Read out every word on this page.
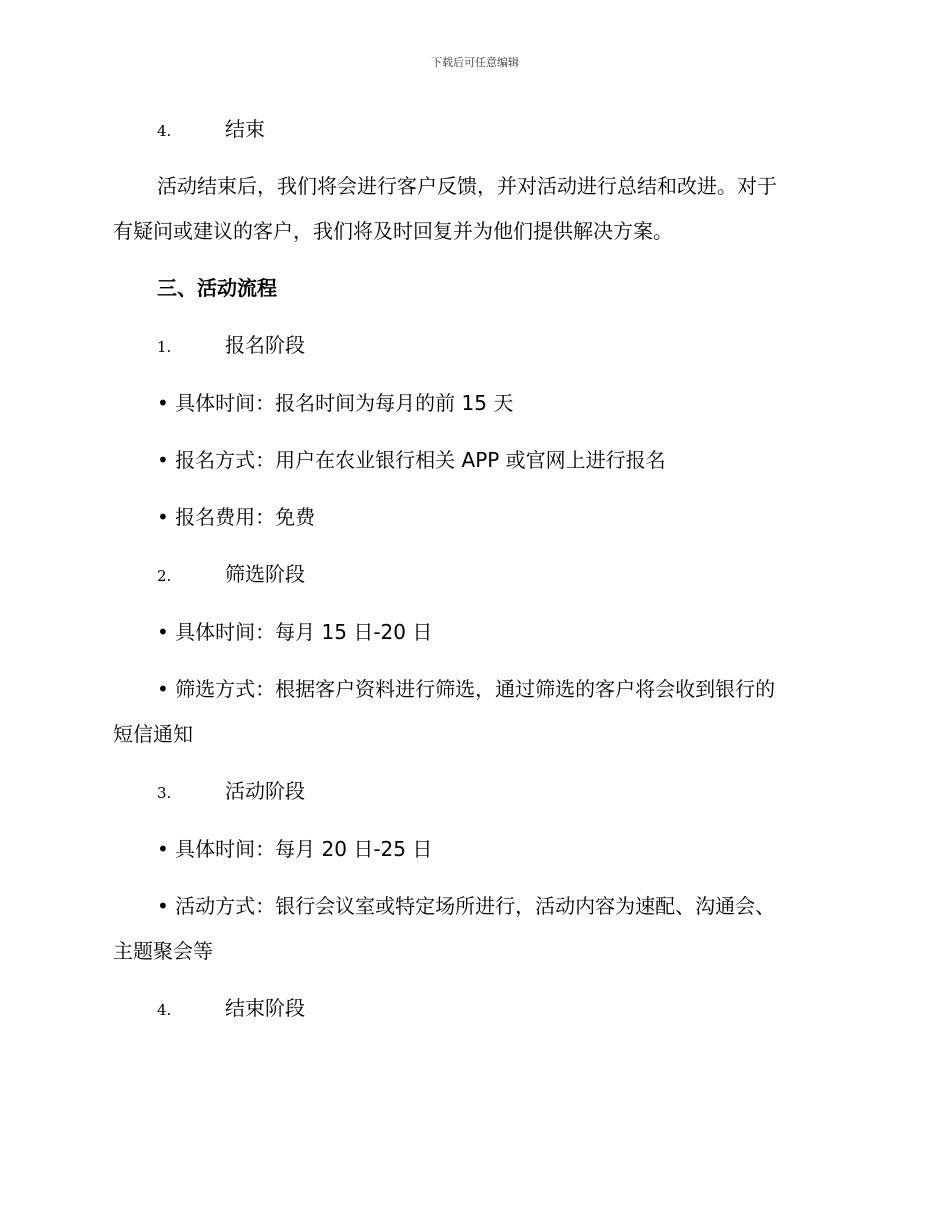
下载后可任意编辑
4.	结束
活动结束后，我们将会进行客户反馈，并对活动进行总结和改进。对于
有疑问或建议的客户，我们将及时回复并为他们提供解决方案。
三、活动流程
1.	报名阶段
• 具体时间：报名时间为每月的前 15 天
• 报名方式：用户在农业银行相关 APP 或官网上进行报名
• 报名费用：免费
2.	筛选阶段
• 具体时间：每月 15 日-20 日
• 筛选方式：根据客户资料进行筛选，通过筛选的客户将会收到银行的
短信通知
3.	活动阶段
• 具体时间：每月 20 日-25 日
• 活动方式：银行会议室或特定场所进行，活动内容为速配、沟通会、
主题聚会等
4.	结束阶段
